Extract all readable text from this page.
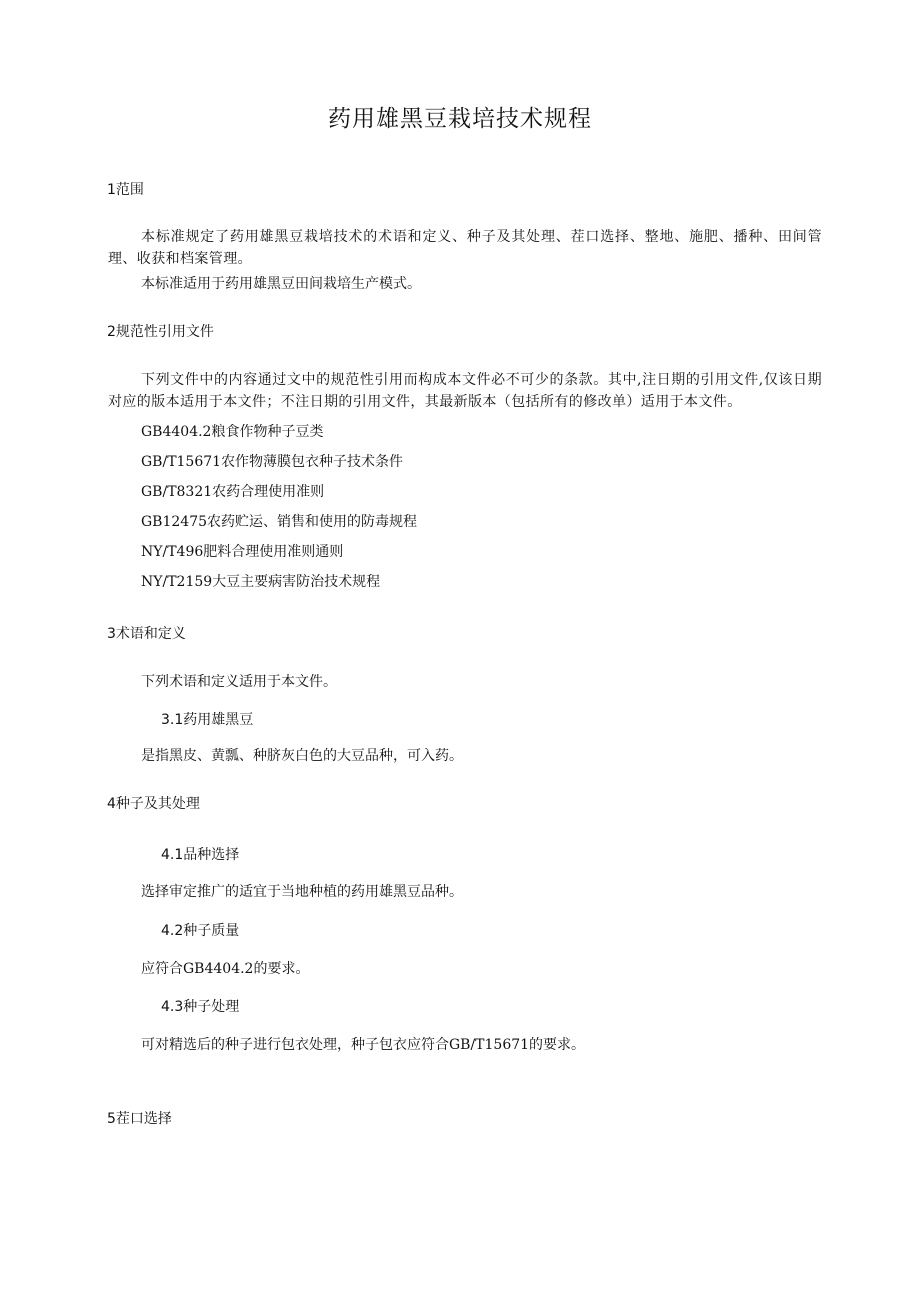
药用雄黑豆栽培技术规程
1范围
本标准规定了药用雄黑豆栽培技术的术语和定义、种子及其处理、茬口选择、整地、施肥、播种、田间管理、收获和档案管理。
本标准适用于药用雄黑豆田间栽培生产模式。
2规范性引用文件
下列文件中的内容通过文中的规范性引用而构成本文件必不可少的条款。其中,注日期的引用文件,仅该日期对应的版本适用于本文件；不注日期的引用文件，其最新版本（包括所有的修改单）适用于本文件。
GB4404.2粮食作物种子豆类
GB/T15671农作物薄膜包衣种子技术条件
GB/T8321农药合理使用准则
GB12475农药贮运、销售和使用的防毒规程
NY/T496肥料合理使用准则通则
NY/T2159大豆主要病害防治技术规程
3术语和定义
下列术语和定义适用于本文件。
3.1药用雄黑豆
是指黑皮、黄瓢、种脐灰白色的大豆品种，可入药。
4种子及其处理
4.1品种选择
选择审定推广的适宜于当地种植的药用雄黑豆品种。
4.2种子质量
应符合GB4404.2的要求。
4.3种子处理
可对精选后的种子进行包衣处理，种子包衣应符合GB/T15671的要求。
5茬口选择
